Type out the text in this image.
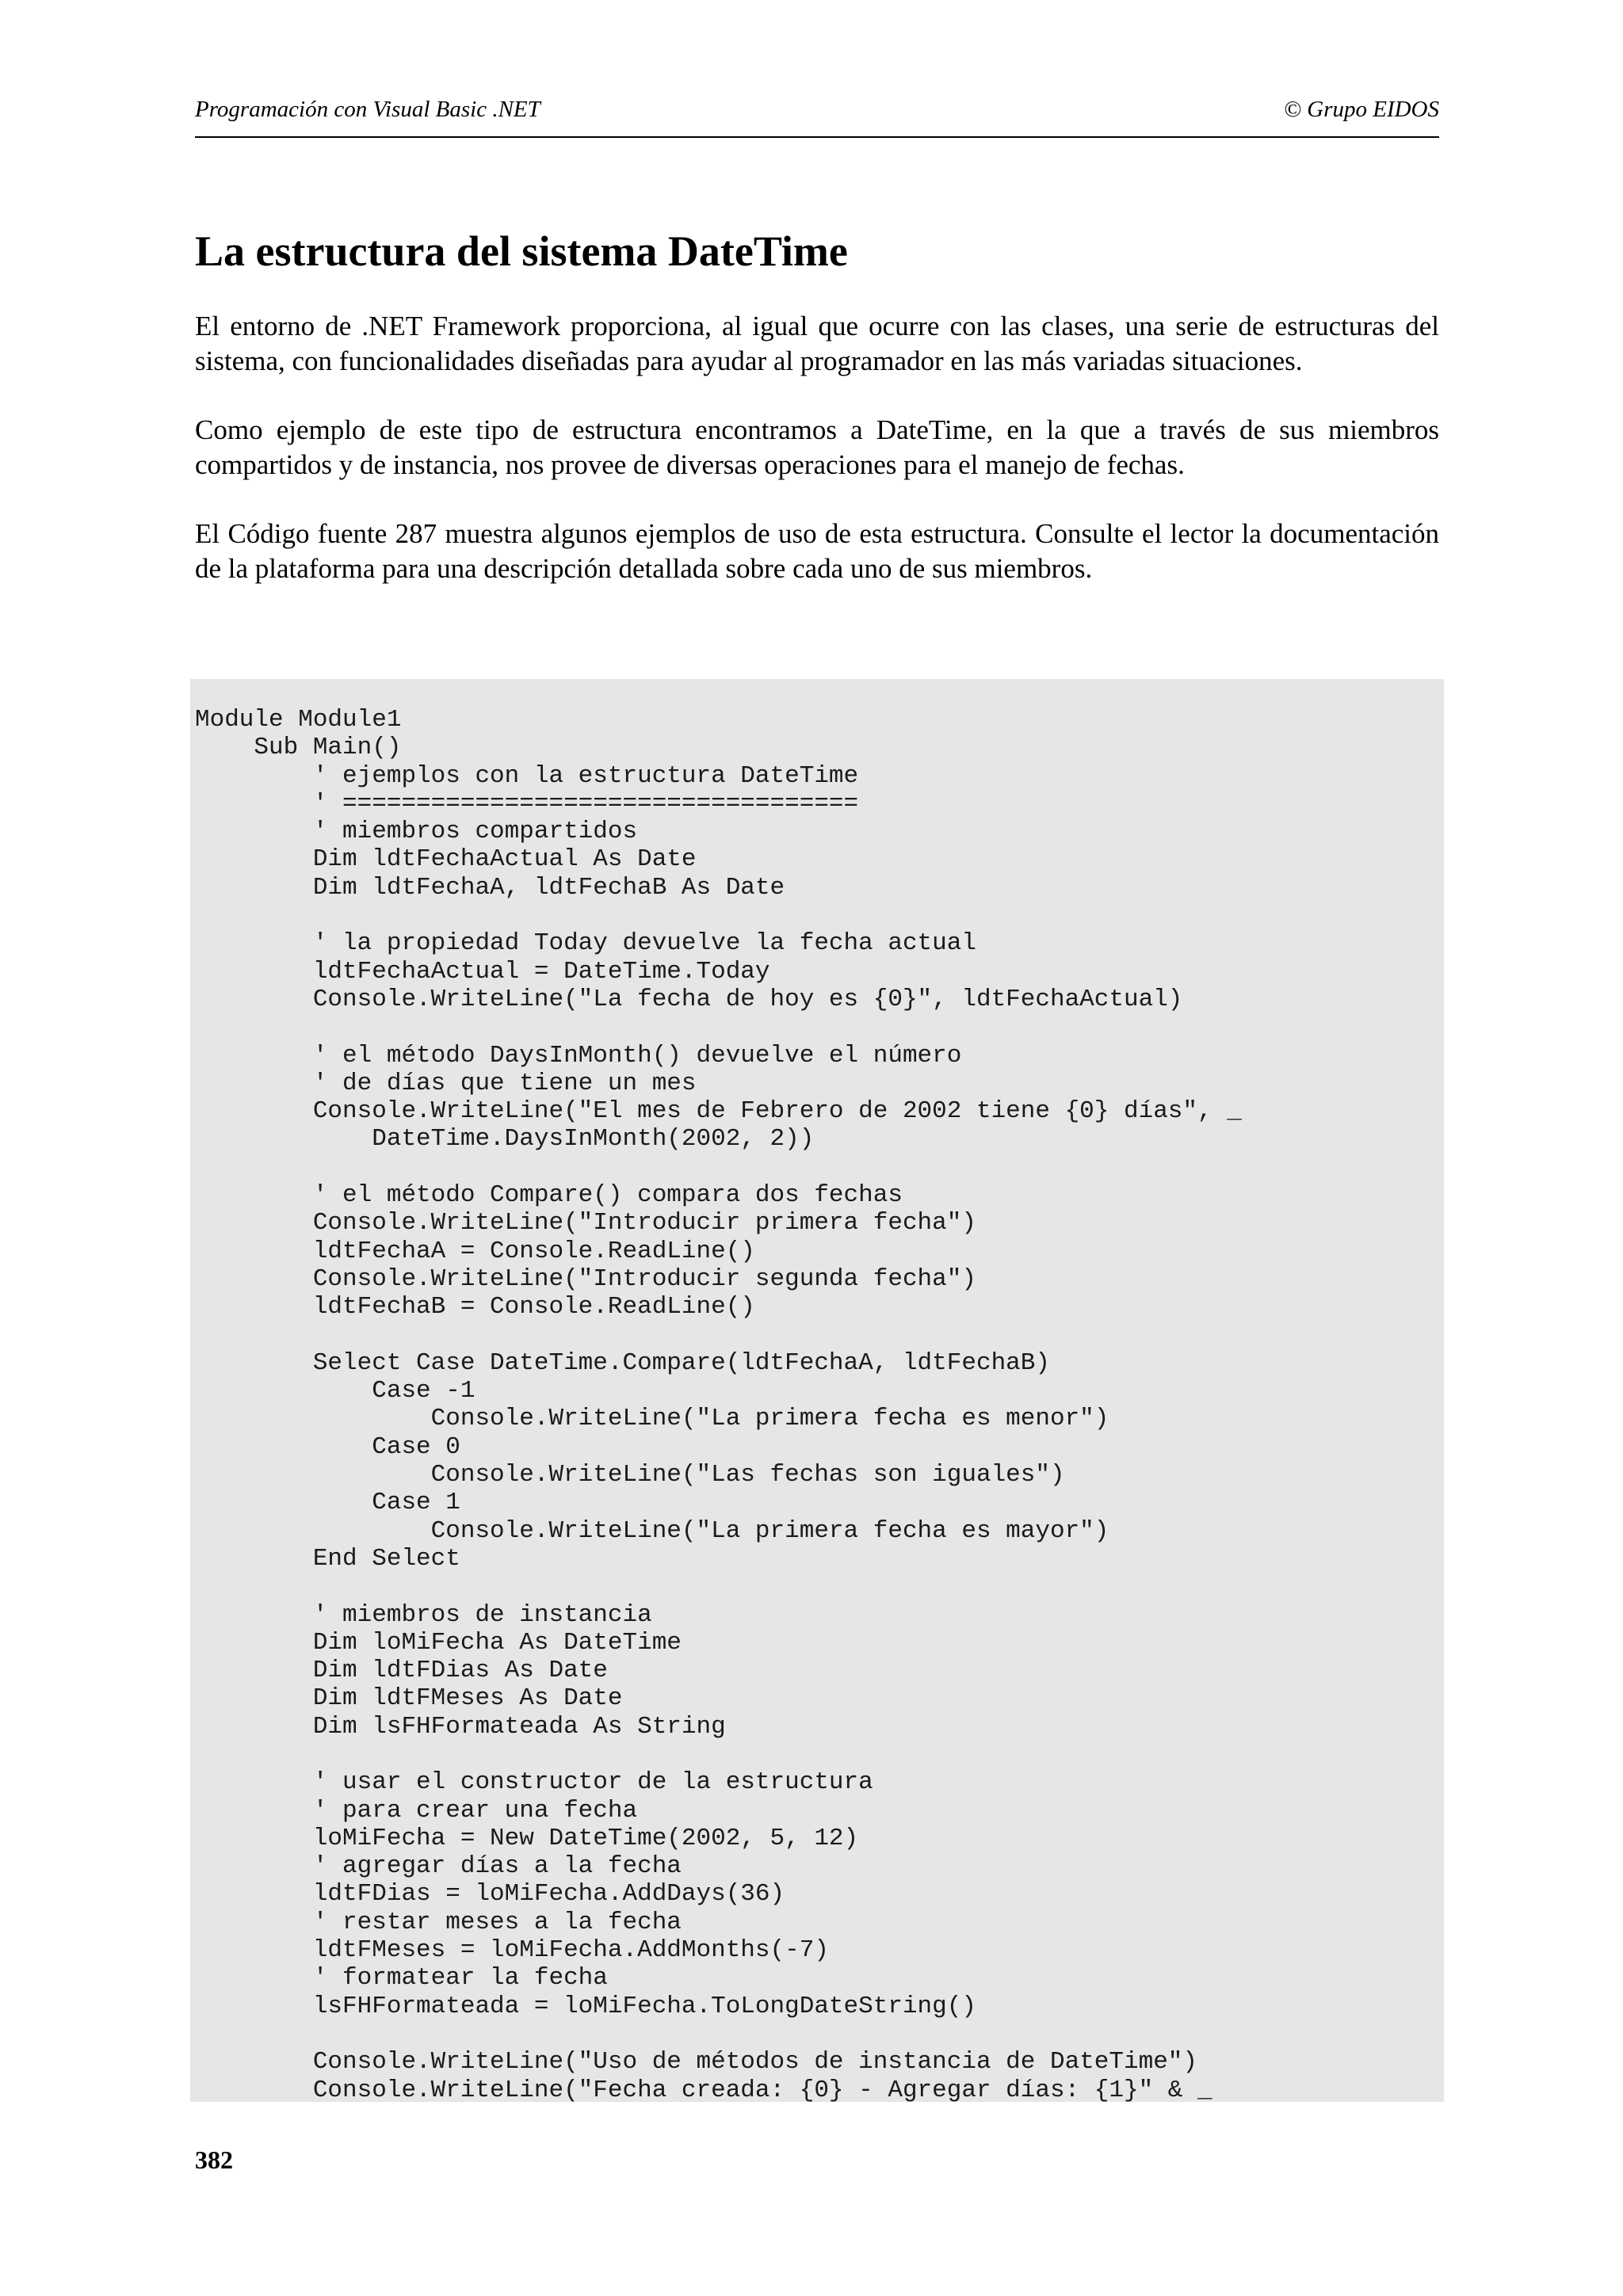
Programación con Visual Basic .NET	© Grupo EIDOS
La estructura del sistema DateTime

El entorno de .NET Framework proporciona, al igual que ocurre con las clases, una serie de estructuras del sistema, con funcionalidades diseñadas para ayudar al programador en las más variadas situaciones.

Como ejemplo de este tipo de estructura encontramos a DateTime, en la que a través de sus miembros compartidos y de instancia, nos provee de diversas operaciones para el manejo de fechas.

El Código fuente 287 muestra algunos ejemplos de uso de esta estructura. Consulte el lector la documentación de la plataforma para una descripción detallada sobre cada uno de sus miembros.

Module Module1
Sub Main()
' ejemplos con la estructura DateTime
' ===================================
' miembros compartidos
Dim ldtFechaActual As Date
Dim ldtFechaA, ldtFechaB As Date
' la propiedad Today devuelve la fecha actual
ldtFechaActual = DateTime.Today
Console.WriteLine("La fecha de hoy es {0}", ldtFechaActual)
' el método DaysInMonth() devuelve el número
' de días que tiene un mes
Console.WriteLine("El mes de Febrero de 2002 tiene {0} días", _
DateTime.DaysInMonth(2002, 2))
' el método Compare() compara dos fechas
Console.WriteLine("Introducir primera fecha")
ldtFechaA = Console.ReadLine()
Console.WriteLine("Introducir segunda fecha")
ldtFechaB = Console.ReadLine()
Select Case DateTime.Compare(ldtFechaA, ldtFechaB)
Case -1
Console.WriteLine("La primera fecha es menor")
Case 0
Console.WriteLine("Las fechas son iguales")
Case 1
Console.WriteLine("La primera fecha es mayor")
End Select
' miembros de instancia
Dim loMiFecha As DateTime
Dim ldtFDias As Date
Dim ldtFMeses As Date
Dim lsFHFormateada As String
' usar el constructor de la estructura
' para crear una fecha
loMiFecha = New DateTime(2002, 5, 12)
' agregar días a la fecha
ldtFDias = loMiFecha.AddDays(36)
' restar meses a la fecha
ldtFMeses = loMiFecha.AddMonths(-7)
' formatear la fecha
lsFHFormateada = loMiFecha.ToLongDateString()
Console.WriteLine("Uso de métodos de instancia de DateTime")
Console.WriteLine("Fecha creada: {0} - Agregar días: {1}" & _
382
